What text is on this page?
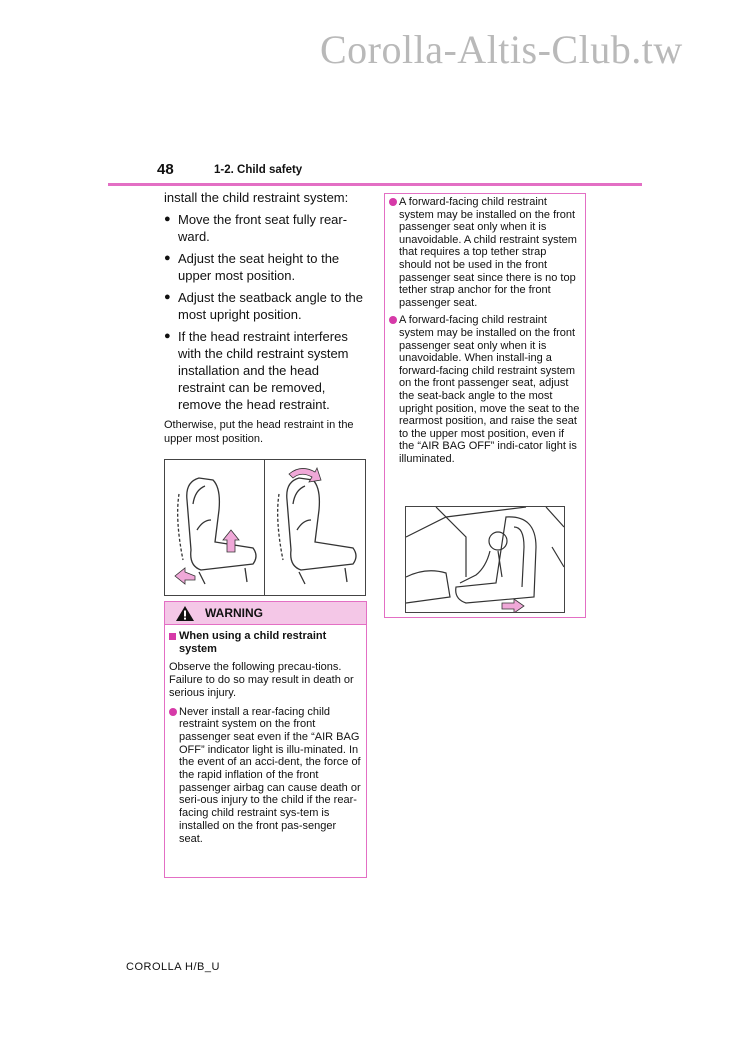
Corolla-Altis-Club.tw
48	1-2. Child safety

install the child restraint system:

● Move the front seat fully rear-ward.
● Adjust the seat height to the upper most position.
● Adjust the seatback angle to the most upright position.
● If the head restraint interferes with the child restraint system installation and the head restraint can be removed, remove the head restraint.

Otherwise, put the head restraint in the upper most position.

WARNING
When using a child restraint system

Observe the following precau-tions.

Failure to do so may result in death or serious injury.

Never install a rear-facing child restraint system on the front passenger seat even if the “AIR BAG OFF” indicator light is illu-minated. In the event of an acci-dent, the force of the rapid inflation of the front passenger airbag can cause death or seri-ous injury to the child if the rear-facing child restraint sys-tem is installed on the front pas-senger seat.

A forward-facing child restraint system may be installed on the front passenger seat only when it is unavoidable. A child restraint system that requires a top tether strap should not be used in the front passenger seat since there is no top tether strap anchor for the front passenger seat.

A forward-facing child restraint system may be installed on the front passenger seat only when it is unavoidable. When install-ing a forward-facing child restraint system on the front passenger seat, adjust the seat-back angle to the most upright position, move the seat to the rearmost position, and raise the seat to the upper most position, even if the “AIR BAG OFF” indi-cator light is illuminated.

COROLLA H/B_U
